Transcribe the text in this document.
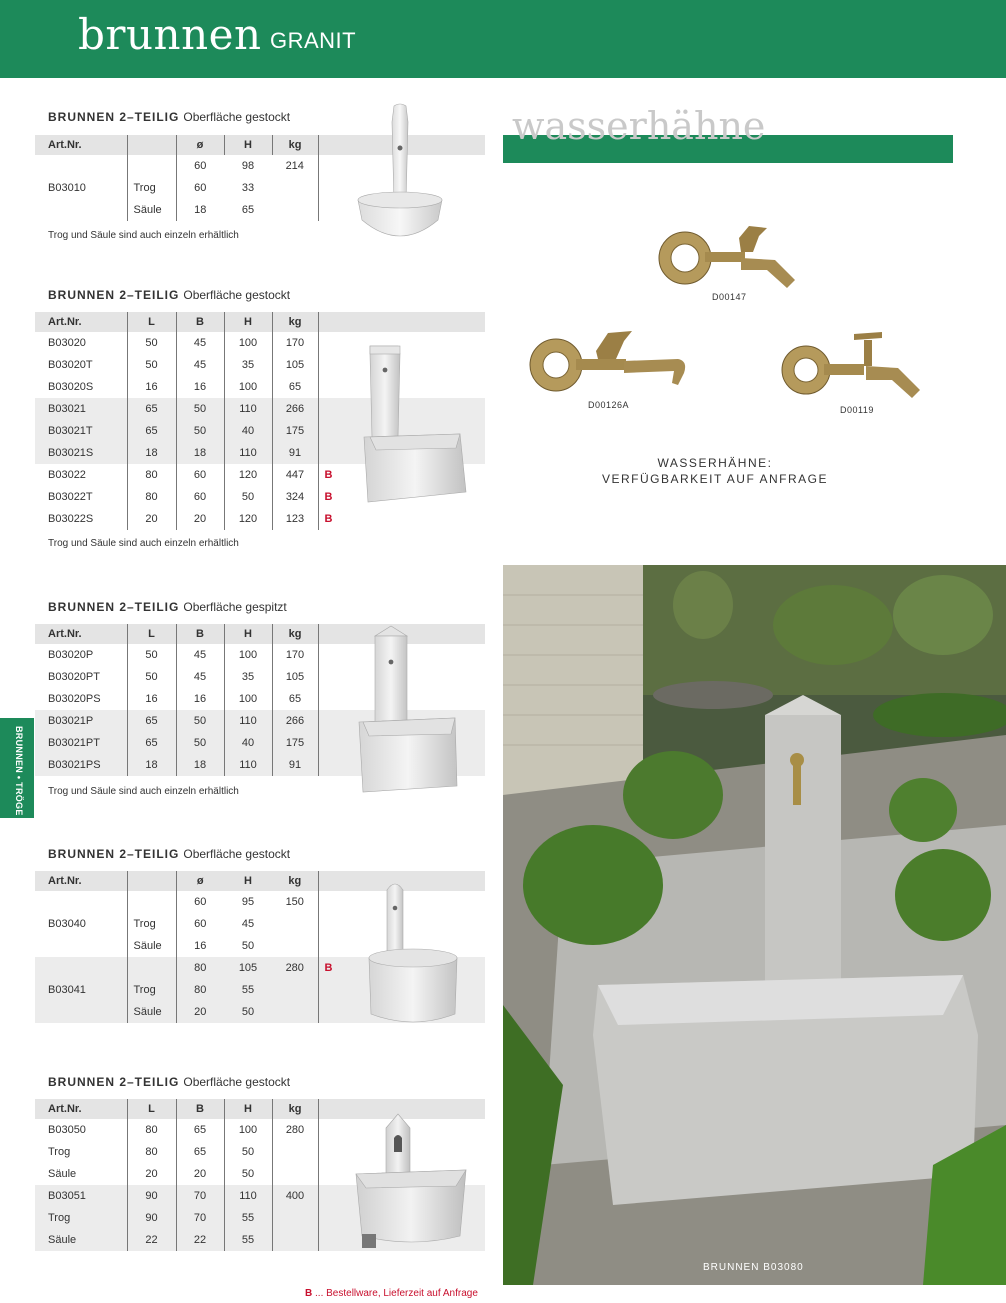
brunnen GRANIT
BRUNNEN • TRÖGE
BRUNNEN 2–TEILIG Oberfläche gestockt
Art.Nr.		ø	H	kg	
		60	98	214	
B03010	Trog	60	33		
	Säule	18	65		
Trog und Säule sind auch einzeln erhältlich
BRUNNEN 2–TEILIG Oberfläche gestockt
Art.Nr.	L	B	H	kg	
B03020	50	45	100	170	
B03020T	50	45	35	105	
B03020S	16	16	100	65	
B03021	65	50	110	266	
B03021T	65	50	40	175	
B03021S	18	18	110	91	
B03022	80	60	120	447	B
B03022T	80	60	50	324	B
B03022S	20	20	120	123	B
Trog und Säule sind auch einzeln erhältlich
BRUNNEN 2–TEILIG Oberfläche gespitzt
Art.Nr.	L	B	H	kg	
B03020P	50	45	100	170	
B03020PT	50	45	35	105	
B03020PS	16	16	100	65	
B03021P	65	50	110	266	
B03021PT	65	50	40	175	
B03021PS	18	18	110	91	
Trog und Säule sind auch einzeln erhältlich
BRUNNEN 2–TEILIG Oberfläche gestockt
Art.Nr.		ø	H	kg	
		60	95	150	
B03040	Trog	60	45		
	Säule	16	50		
		80	105	280	B
B03041	Trog	80	55		
	Säule	20	50		
BRUNNEN 2–TEILIG Oberfläche gestockt
Art.Nr.	L	B	H	kg	
B03050	80	65	100	280	
Trog	80	65	50		
Säule	20	20	50		
B03051	90	70	110	400	
Trog	90	70	55		
Säule	22	22	55		
wasserhähne
D00147
D00126A	D00119
WASSERHÄHNE:
VERFÜGBARKEIT AUF ANFRAGE
BRUNNEN B03080
B ... Bestellware, Lieferzeit auf Anfrage
